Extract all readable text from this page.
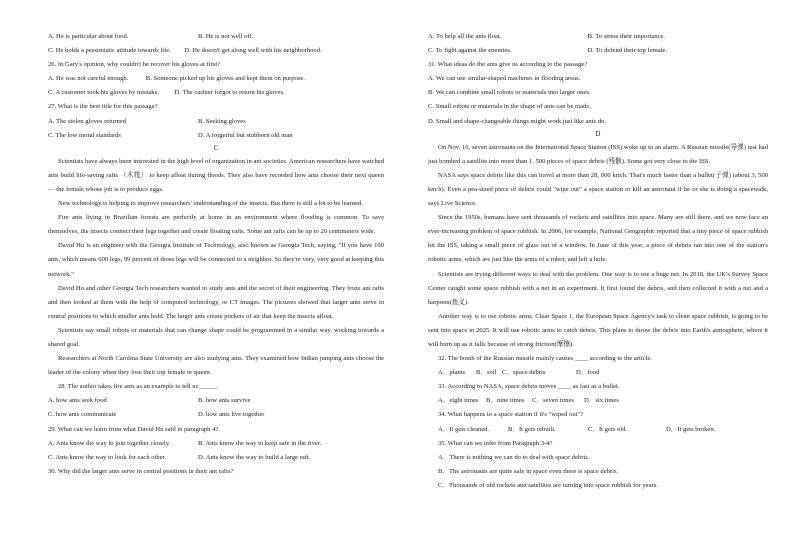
A. He is particular about food.	B. He is not well off.
C. He holds a pessimistic attitude towards life. D. He doesn't get along well with his neighborhood.
26. In Gary's opinion, why couldn't he recover his gloves at first?
A. He was not careful enough.	B. Someone picked up his gloves and kept them on purpose.
C. A customer took his gloves by mistake. D. The cashier forgot to return his gloves.
27. What is the best title for this passage?
A. The stolen gloves returned	B. Seeking gloves
C. The low moral standards	D. A forgetful but stubborn old man
C
Scientists have always been interested in the high level of organization in ant societies. American researchers have watched ants build life-saving rafts （木筏） to keep afloat during floods. They also have recorded how ants choose their next queen — the female whose job is to produce eggs.
New technology is helping to improve researchers' understanding of the insects. But there is still a lot to be learned.
Fire ants living in Brazilian forests are perfectly at home in an environment where flooding is common. To save themselves, the insects connect their legs together and create floating rafts. Some ant rafts can be up to 20 centimeters wide.
David Hu is an engineer with the Georgia Institute of Technology, also known as Georgia Tech, saying, "If you have 100 ants, which means 600 legs, 99 percent of those legs will be connected to a neighbor. So they're very, very good at keeping this network."
David Hu and other Georgia Tech researchers wanted to study ants and the secret of their engineering. They froze ant rafts and then looked at them with the help of computed technology, or CT images. The pictures showed that larger ants serve in central positions to which smaller ants hold. The larger ants create pockets of air that keep the insects afloat.
Scientists say small robots or materials that can change shape could be programmed in a similar way, working towards a shared goal.
Researchers at North Carolina State University are also studying ants. They examined how Indian jumping ants choose the leader of the colony when they lose their top female or queen.
28. The author takes fire ants as an example to tell us _____.
A. how ants seek food	B. how ants survive
C. how ants communicate	D. how ants live together
29. What can we learn from what David Hu said in paragraph 4?
A. Ants know the way to join together closely.	B. Ants know the way to keep safe in the river.
C. Ants know the way to look for each other.	D. Ants know the way to build a large raft.
30. Why did the larger ants serve in central positions in their ant rafts?
A. To help all the ants float.	B. To stress their importance.
C. To fight against the enemies.	D. To defend their top female.
31. What ideas do the ants give us according to the passage?
A. We can use similar-shaped machines in flooding areas.
B. We can combine small robots or materials into larger ones.
C. Small robots or materials in the shape of ants can be made.
D. Small and shape-changeable things might work just like ants do.
D
On Nov. 16, seven astronauts on the International Space Station (ISS) woke up to an alarm. A Russian missile(导弹) test had just bombed a satellite into more than 1, 500 pieces of space debris (残骸). Some got very close to the ISS.
NASA says space debris like this can travel at more than 28, 000 km/h. That's much faster than a bullet(子弹) (about 3, 500 km/h). Even a pea-sized piece of debris could "wipe out" a space station or kill an astronaut if he or she is doing a spacewalk, says Live Science.
Since the 1950s, humans have sent thousands of rockets and satellites into space. Many are still there, and we now face an ever-increasing problem of space rubbish. In 2006, for example, National Geographic reported that a tiny piece of space rubbish hit the ISS, taking a small piece of glass out of a window. In June of this year, a piece of debris ran into one of the station's robotic arms, which are just like the arms of a robot, and left a hole.
Scientists are trying different ways to deal with the problem. One way is to use a huge net. In 2018, the UK's Survey Space Center caught some space rubbish with a net in an experiment. It first found the debris, and then collected it with a net and a harpoon(鱼叉).
Another way is to use robotic arms. Clear Space 1, the European Space Agency's task to clean space rubbish, is going to be sent into space in 2025. It will use robotic arms to catch debris. This plans to throw the debris into Earth's atmosphere, where it will burn up as it falls because of strong friction(摩擦).
32. The bomb of the Russian missile mainly causes ____ according to the article.
A．plants	B．soil C．space debris	D．food
33. According to NASA, space debris moves ____ as fast as a bullet.
A．eight times	B．nine times	C．seven times	D．six times
34. What happens to a space station if it's "wiped out"?
A．It gets cleaned.	B．It gets rebuilt.	C．It gets old.	D．It gets broken.
35. What can we infer from Paragraph 3-4?
A．There is nothing we can do to deal with space debris.
B．The astronauts are quite safe in space even there is space debris.
C．Thousands of old rockets and satellites are turning into space rubbish for years.
